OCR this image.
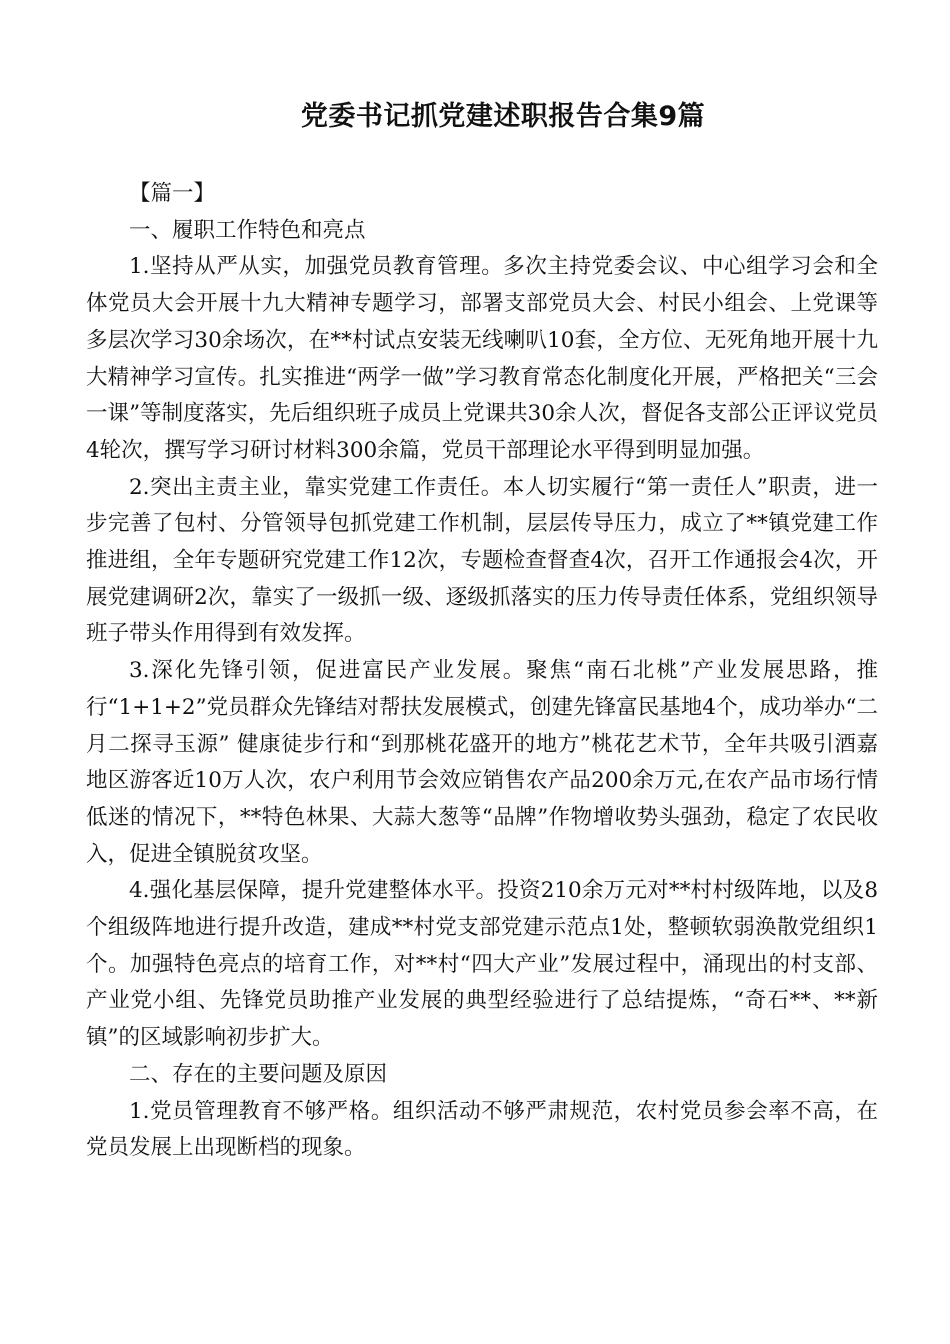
党委书记抓党建述职报告合集9篇

【篇一】

一、履职工作特色和亮点

1.坚持从严从实，加强党员教育管理。多次主持党委会议、中心组学习会和全体党员大会开展十九大精神专题学习，部署支部党员大会、村民小组会、上党课等多层次学习30余场次，在**村试点安装无线喇叭10套，全方位、无死角地开展十九大精神学习宣传。扎实推进“两学一做”学习教育常态化制度化开展，严格把关“三会一课”等制度落实，先后组织班子成员上党课共30余人次，督促各支部公正评议党员4轮次，撰写学习研讨材料300余篇，党员干部理论水平得到明显加强。

2.突出主责主业，靠实党建工作责任。本人切实履行“第一责任人”职责，进一步完善了包村、分管领导包抓党建工作机制，层层传导压力，成立了**镇党建工作推进组，全年专题研究党建工作12次，专题检查督查4次，召开工作通报会4次，开展党建调研2次，靠实了一级抓一级、逐级抓落实的压力传导责任体系，党组织领导班子带头作用得到有效发挥。

3.深化先锋引领，促进富民产业发展。聚焦“南石北桃”产业发展思路，推行“1+1+2”党员群众先锋结对帮扶发展模式，创建先锋富民基地4个，成功举办“二月二探寻玉源” 健康徒步行和“到那桃花盛开的地方”桃花艺术节，全年共吸引酒嘉地区游客近10万人次，农户利用节会效应销售农产品200余万元,在农产品市场行情低迷的情况下，**特色林果、大蒜大葱等“品牌”作物增收势头强劲，稳定了农民收入，促进全镇脱贫攻坚。

4.强化基层保障，提升党建整体水平。投资210余万元对**村村级阵地，以及8个组级阵地进行提升改造，建成**村党支部党建示范点1处，整顿软弱涣散党组织1个。加强特色亮点的培育工作，对**村“四大产业”发展过程中，涌现出的村支部、产业党小组、先锋党员助推产业发展的典型经验进行了总结提炼，“奇石**、**新镇”的区域影响初步扩大。

二、存在的主要问题及原因

1.党员管理教育不够严格。组织活动不够严肃规范，农村党员参会率不高，在党员发展上出现断档的现象。
